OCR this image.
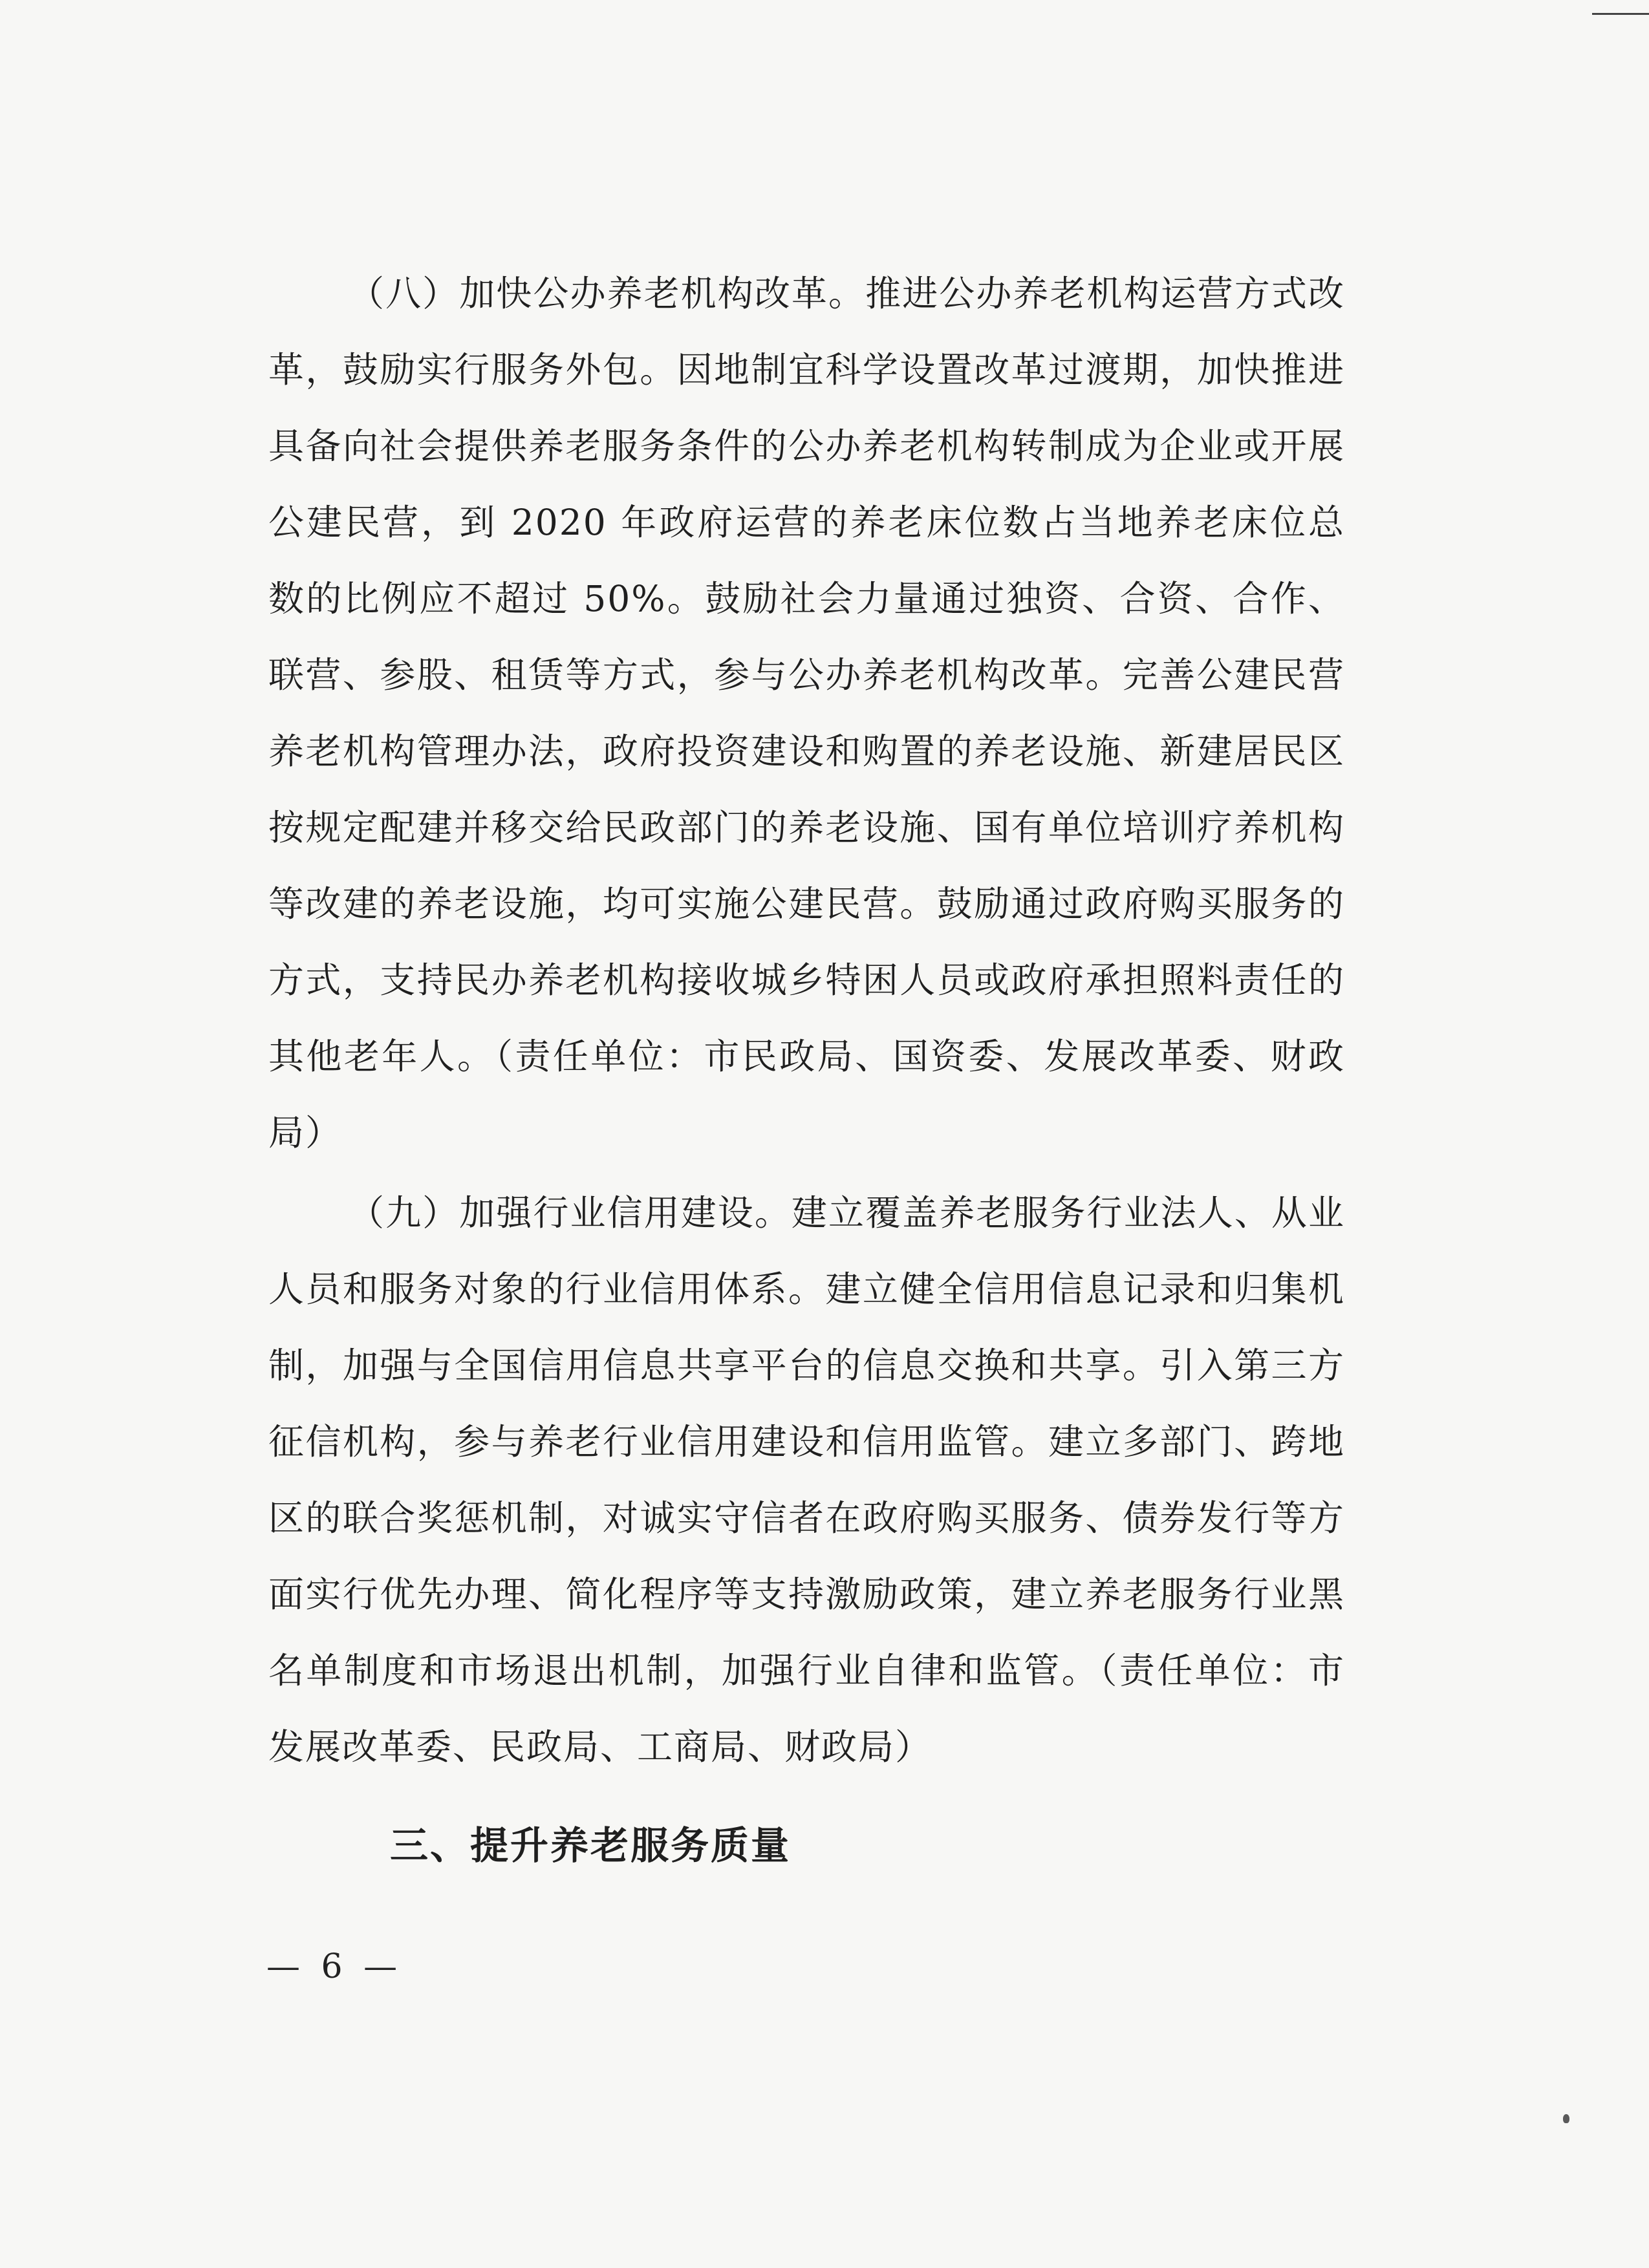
（八）加快公办养老机构改革。推进公办养老机构运营方式改革，鼓励实行服务外包。因地制宜科学设置改革过渡期，加快推进具备向社会提供养老服务条件的公办养老机构转制成为企业或开展公建民营，到 2020 年政府运营的养老床位数占当地养老床位总数的比例应不超过 50%。鼓励社会力量通过独资、合资、合作、联营、参股、租赁等方式，参与公办养老机构改革。完善公建民营养老机构管理办法，政府投资建设和购置的养老设施、新建居民区按规定配建并移交给民政部门的养老设施、国有单位培训疗养机构等改建的养老设施，均可实施公建民营。鼓励通过政府购买服务的方式，支持民办养老机构接收城乡特困人员或政府承担照料责任的其他老年人。（责任单位：市民政局、国资委、发展改革委、财政局）

（九）加强行业信用建设。建立覆盖养老服务行业法人、从业人员和服务对象的行业信用体系。建立健全信用信息记录和归集机制，加强与全国信用信息共享平台的信息交换和共享。引入第三方征信机构，参与养老行业信用建设和信用监管。建立多部门、跨地区的联合奖惩机制，对诚实守信者在政府购买服务、债券发行等方面实行优先办理、简化程序等支持激励政策，建立养老服务行业黑名单制度和市场退出机制，加强行业自律和监管。（责任单位：市发展改革委、民政局、工商局、财政局）

三、提升养老服务质量
— 6 —
